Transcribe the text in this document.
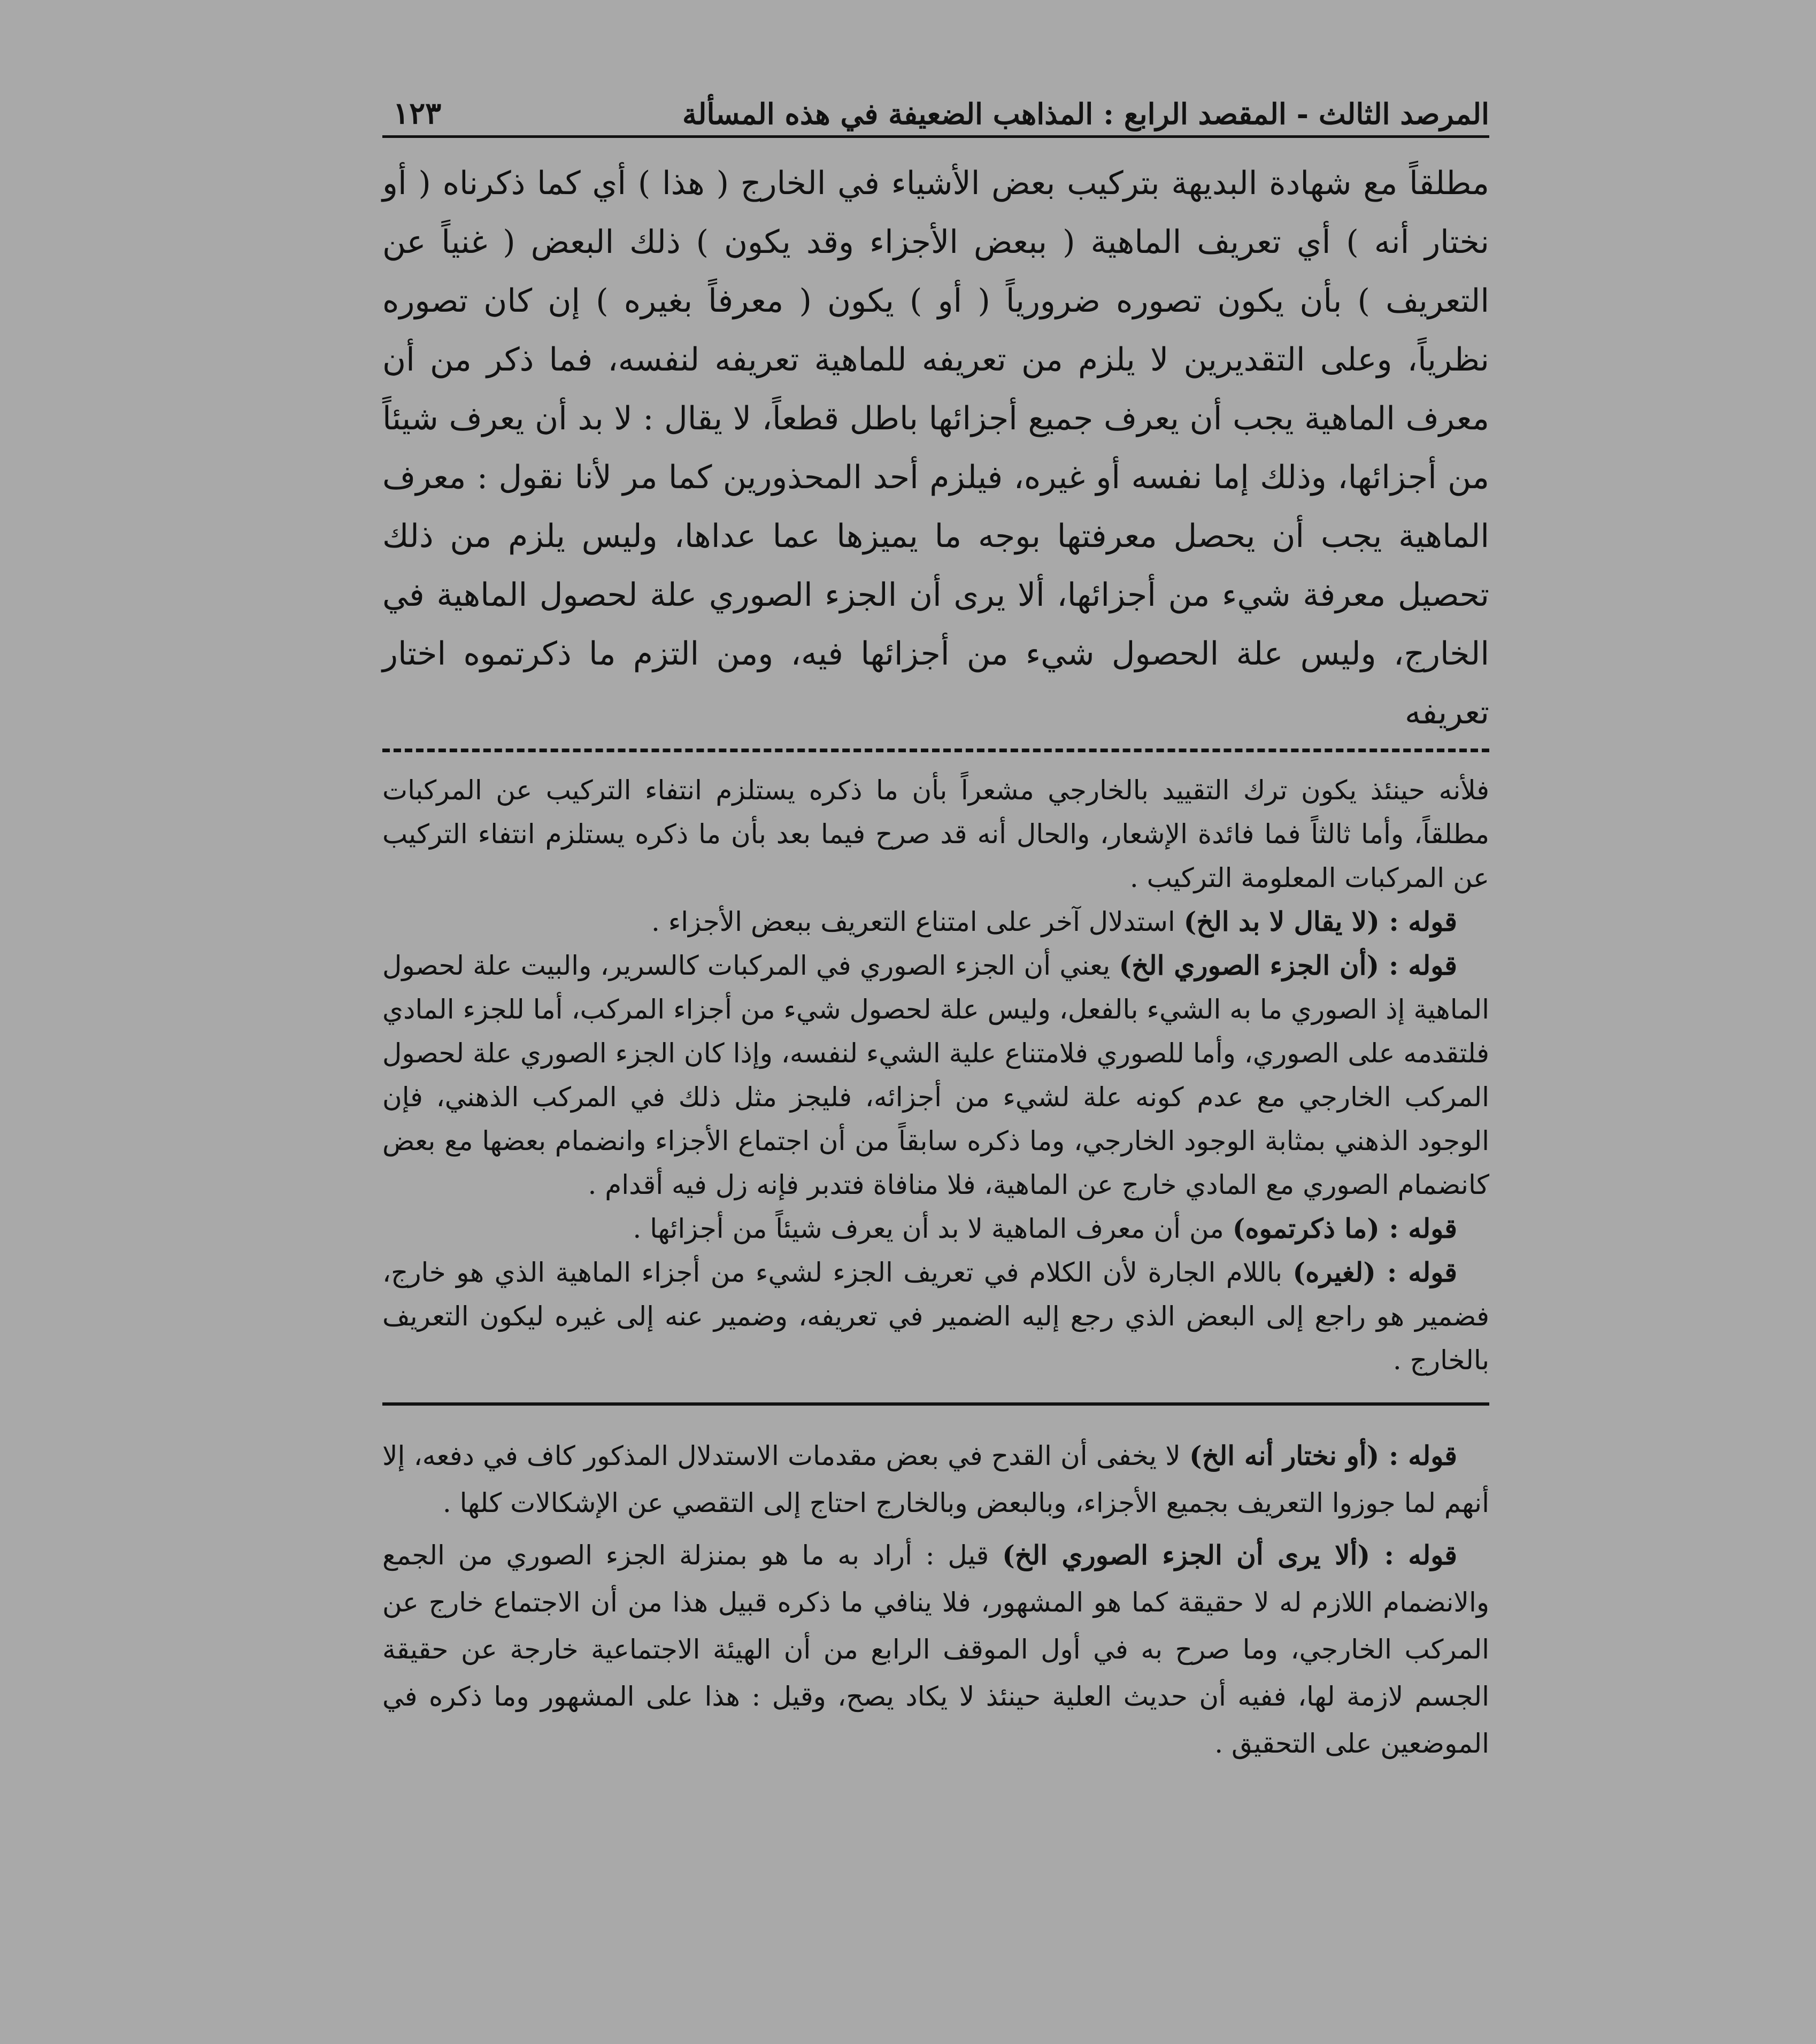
المرصد الثالث - المقصد الرابع : المذاهب الضعيفة في هذه المسألة
١٢٣
مطلقاً مع شهادة البديهة بتركيب بعض الأشياء في الخارج ( هذا ) أي كما ذكرناه ( أو نختار أنه ) أي تعريف الماهية ( ببعض الأجزاء وقد يكون ) ذلك البعض ( غنياً عن التعريف ) بأن يكون تصوره ضرورياً ( أو ) يكون ( معرفاً بغيره ) إن كان تصوره نظرياً، وعلى التقديرين لا يلزم من تعريفه للماهية تعريفه لنفسه، فما ذكر من أن معرف الماهية يجب أن يعرف جميع أجزائها باطل قطعاً، لا يقال : لا بد أن يعرف شيئاً من أجزائها، وذلك إما نفسه أو غيره، فيلزم أحد المحذورين كما مر لأنا نقول : معرف الماهية يجب أن يحصل معرفتها بوجه ما يميزها عما عداها، وليس يلزم من ذلك تحصيل معرفة شيء من أجزائها، ألا يرى أن الجزء الصوري علة لحصول الماهية في الخارج، وليس علة الحصول شيء من أجزائها فيه، ومن التزم ما ذكرتموه اختار تعريفه

فلأنه حينئذ يكون ترك التقييد بالخارجي مشعراً بأن ما ذكره يستلزم انتفاء التركيب عن المركبات مطلقاً، وأما ثالثاً فما فائدة الإشعار، والحال أنه قد صرح فيما بعد بأن ما ذكره يستلزم انتفاء التركيب عن المركبات المعلومة التركيب .

قوله : (لا يقال لا بد الخ) استدلال آخر على امتناع التعريف ببعض الأجزاء .

قوله : (أن الجزء الصوري الخ) يعني أن الجزء الصوري في المركبات كالسرير، والبيت علة لحصول الماهية إذ الصوري ما به الشيء بالفعل، وليس علة لحصول شيء من أجزاء المركب، أما للجزء المادي فلتقدمه على الصوري، وأما للصوري فلامتناع علية الشيء لنفسه، وإذا كان الجزء الصوري علة لحصول المركب الخارجي مع عدم كونه علة لشيء من أجزائه، فليجز مثل ذلك في المركب الذهني، فإن الوجود الذهني بمثابة الوجود الخارجي، وما ذكره سابقاً من أن اجتماع الأجزاء وانضمام بعضها مع بعض كانضمام الصوري مع المادي خارج عن الماهية، فلا منافاة فتدبر فإنه زل فيه أقدام .

قوله : (ما ذكرتموه) من أن معرف الماهية لا بد أن يعرف شيئاً من أجزائها .

قوله : (لغيره) باللام الجارة لأن الكلام في تعريف الجزء لشيء من أجزاء الماهية الذي هو خارج، فضمير هو راجع إلى البعض الذي رجع إليه الضمير في تعريفه، وضمير عنه إلى غيره ليكون التعريف بالخارج .

قوله : (أو نختار أنه الخ) لا يخفى أن القدح في بعض مقدمات الاستدلال المذكور كاف في دفعه، إلا أنهم لما جوزوا التعريف بجميع الأجزاء، وبالبعض وبالخارج احتاج إلى التقصي عن الإشكالات كلها .

قوله : (ألا يرى أن الجزء الصوري الخ) قيل : أراد به ما هو بمنزلة الجزء الصوري من الجمع والانضمام اللازم له لا حقيقة كما هو المشهور، فلا ينافي ما ذكره قبيل هذا من أن الاجتماع خارج عن المركب الخارجي، وما صرح به في أول الموقف الرابع من أن الهيئة الاجتماعية خارجة عن حقيقة الجسم لازمة لها، ففيه أن حديث العلية حينئذ لا يكاد يصح، وقيل : هذا على المشهور وما ذكره في الموضعين على التحقيق .
